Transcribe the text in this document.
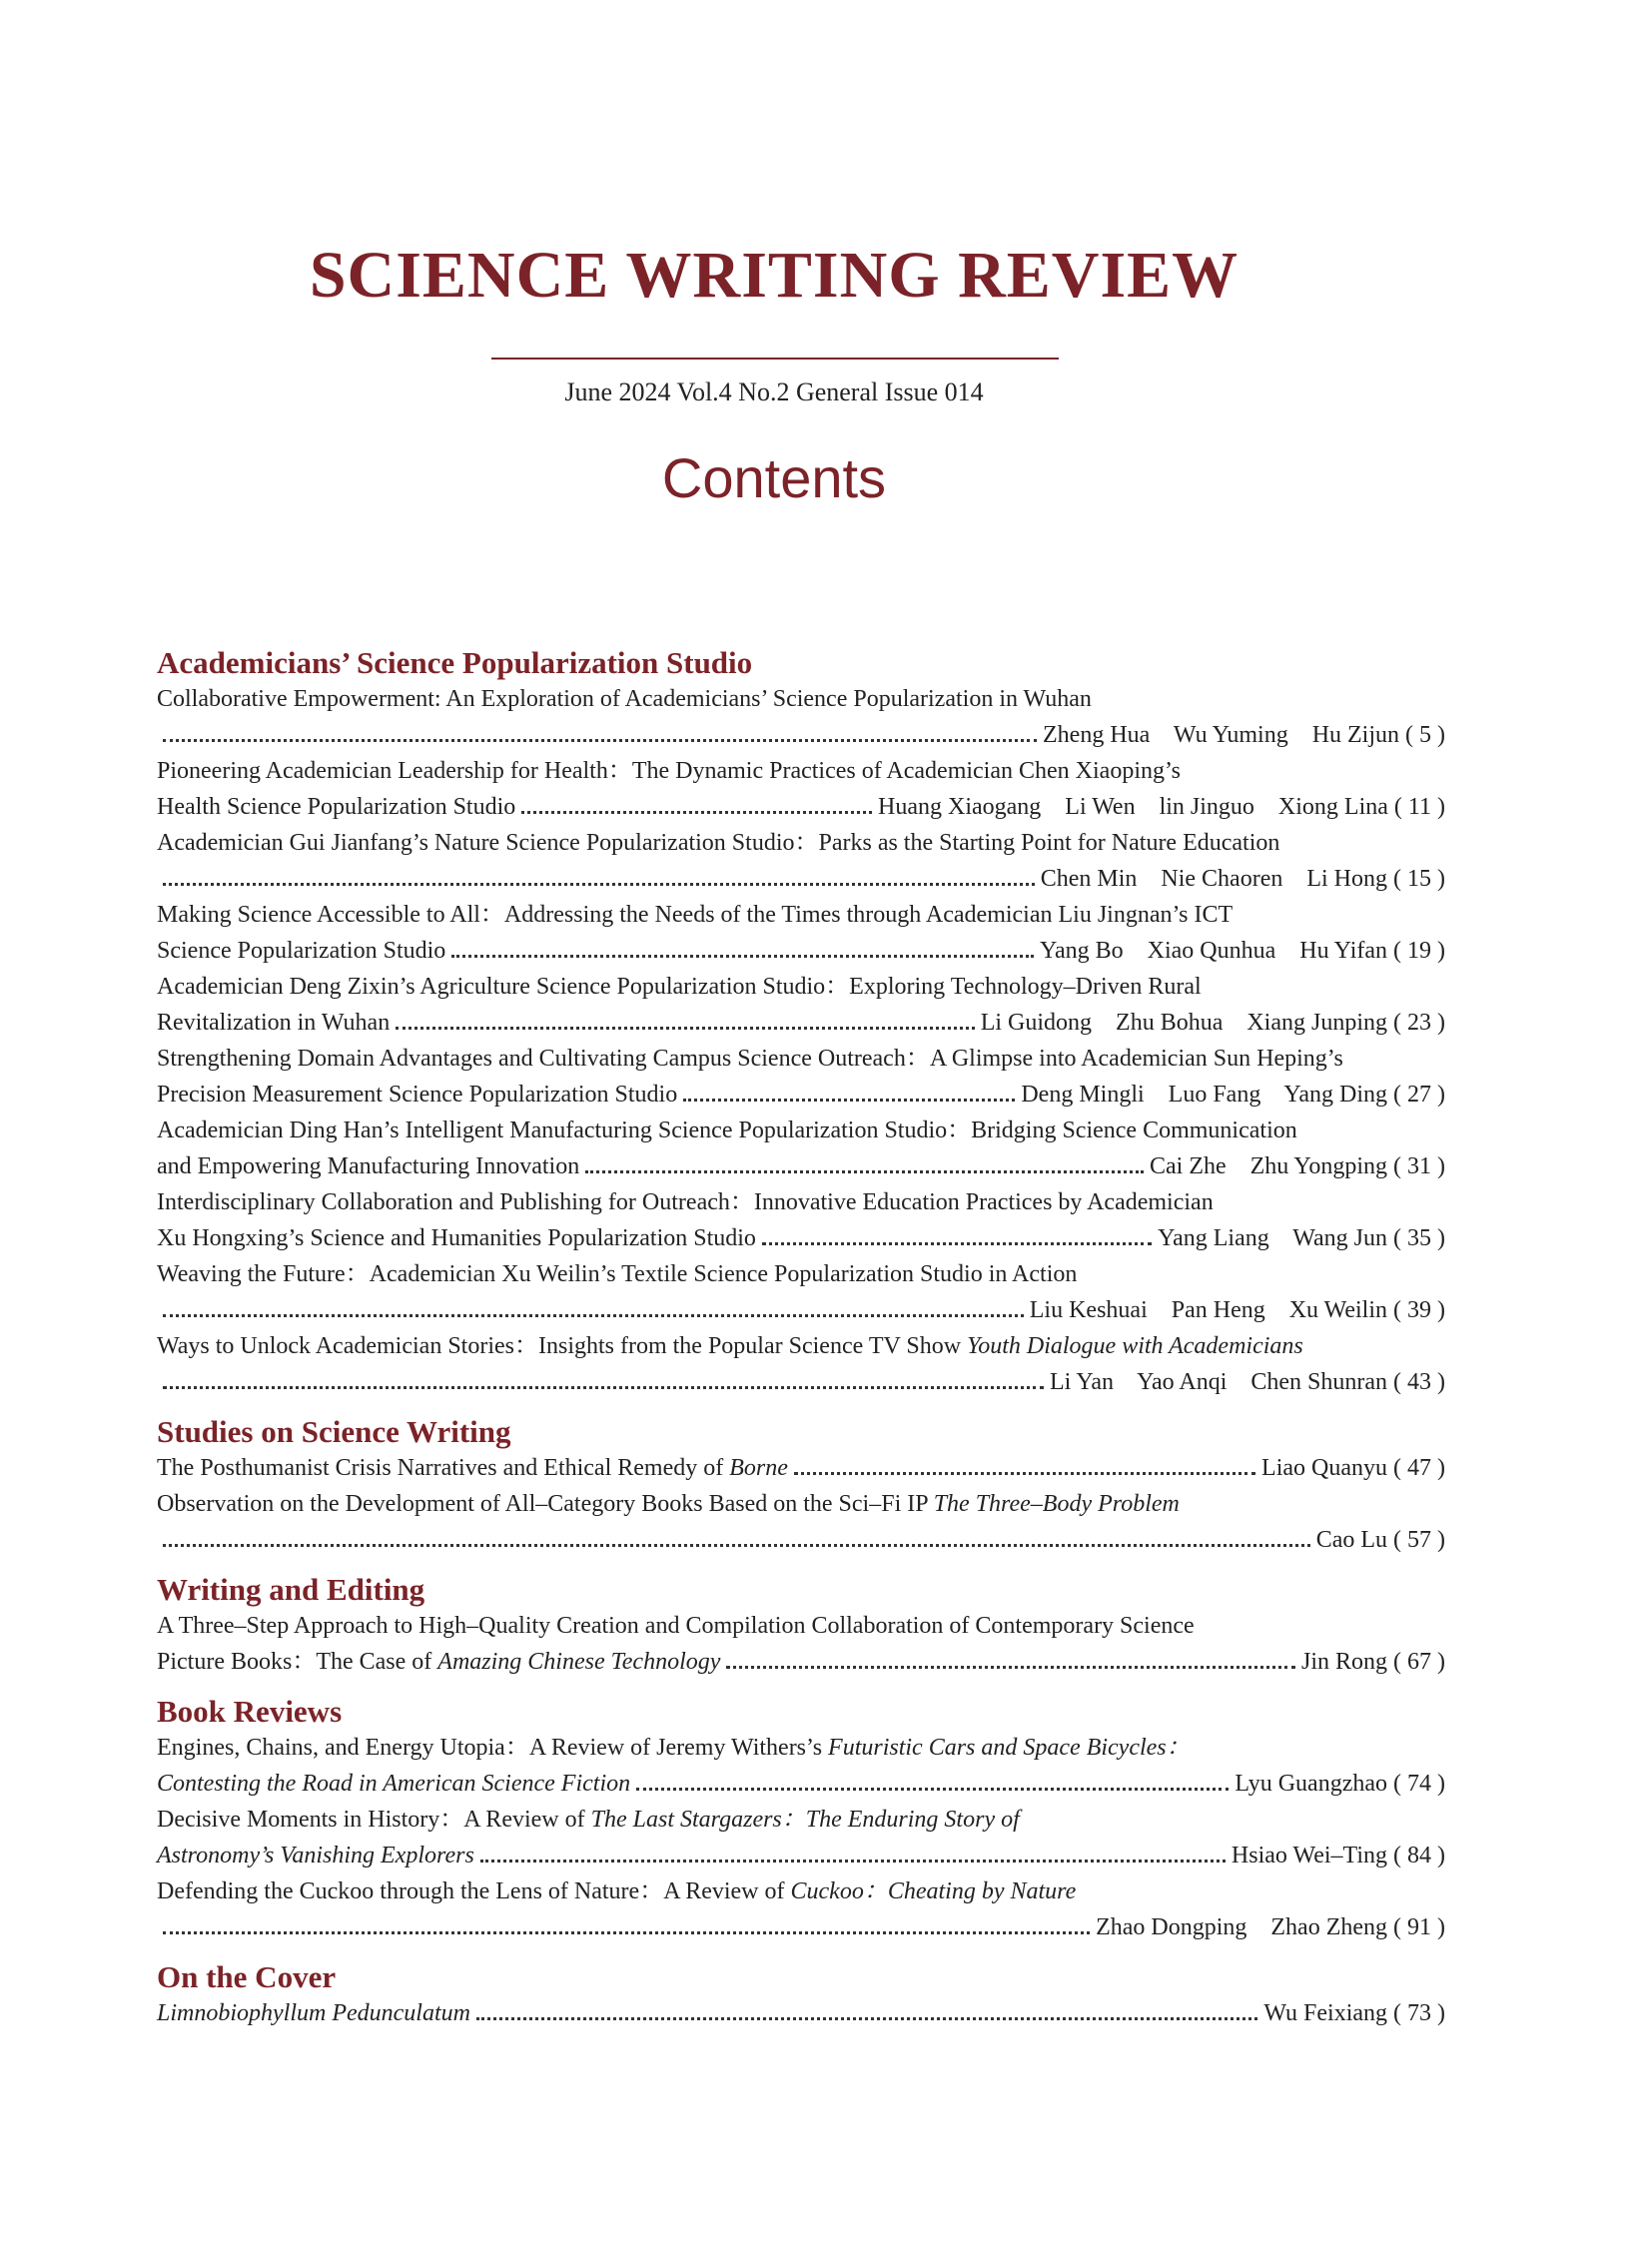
SCIENCE WRITING REVIEW
June 2024 Vol.4 No.2 General Issue 014
Contents
Academicians’ Science Popularization Studio
Collaborative Empowerment: An Exploration of Academicians’ Science Popularization in Wuhan
Zheng Hua    Wu Yuming    Hu Zijun ( 5 )
Pioneering Academician Leadership for Health：The Dynamic Practices of Academician Chen Xiaoping’s
Health Science Popularization Studio	Huang Xiaogang    Li Wen    lin Jinguo    Xiong Lina ( 11 )
Academician Gui Jianfang’s Nature Science Popularization Studio：Parks as the Starting Point for Nature Education
Chen Min    Nie Chaoren    Li Hong ( 15 )
Making Science Accessible to All：Addressing the Needs of the Times through Academician Liu Jingnan’s ICT
Science Popularization Studio	Yang Bo    Xiao Qunhua    Hu Yifan ( 19 )
Academician Deng Zixin’s Agriculture Science Popularization Studio：Exploring Technology–Driven Rural
Revitalization in Wuhan	Li Guidong    Zhu Bohua    Xiang Junping ( 23 )
Strengthening Domain Advantages and Cultivating Campus Science Outreach：A Glimpse into Academician Sun Heping’s
Precision Measurement Science Popularization Studio	Deng Mingli    Luo Fang    Yang Ding ( 27 )
Academician Ding Han’s Intelligent Manufacturing Science Popularization Studio：Bridging Science Communication
and Empowering Manufacturing Innovation	Cai Zhe    Zhu Yongping ( 31 )
Interdisciplinary Collaboration and Publishing for Outreach：Innovative Education Practices by Academician
Xu Hongxing’s Science and Humanities Popularization Studio	Yang Liang    Wang Jun ( 35 )
Weaving the Future：Academician Xu Weilin’s Textile Science Popularization Studio in Action
Liu Keshuai    Pan Heng    Xu Weilin ( 39 )
Ways to Unlock Academician Stories：Insights from the Popular Science TV Show Youth Dialogue with Academicians
Li Yan    Yao Anqi    Chen Shunran ( 43 )
Studies on Science Writing
The Posthumanist Crisis Narratives and Ethical Remedy of Borne	Liao Quanyu ( 47 )
Observation on the Development of All–Category Books Based on the Sci–Fi IP The Three–Body Problem
Cao Lu ( 57 )
Writing and Editing
A Three–Step Approach to High–Quality Creation and Compilation Collaboration of Contemporary Science
Picture Books：The Case of Amazing Chinese Technology	Jin Rong ( 67 )
Book Reviews
Engines, Chains, and Energy Utopia：A Review of Jeremy Withers’s Futuristic Cars and Space Bicycles：
Contesting the Road in American Science Fiction	Lyu Guangzhao ( 74 )
Decisive Moments in History：A Review of The Last Stargazers：The Enduring Story of
Astronomy’s Vanishing Explorers	Hsiao Wei–Ting ( 84 )
Defending the Cuckoo through the Lens of Nature：A Review of Cuckoo：Cheating by Nature
Zhao Dongping    Zhao Zheng ( 91 )
On the Cover
Limnobiophyllum Pedunculatum	Wu Feixiang ( 73 )
